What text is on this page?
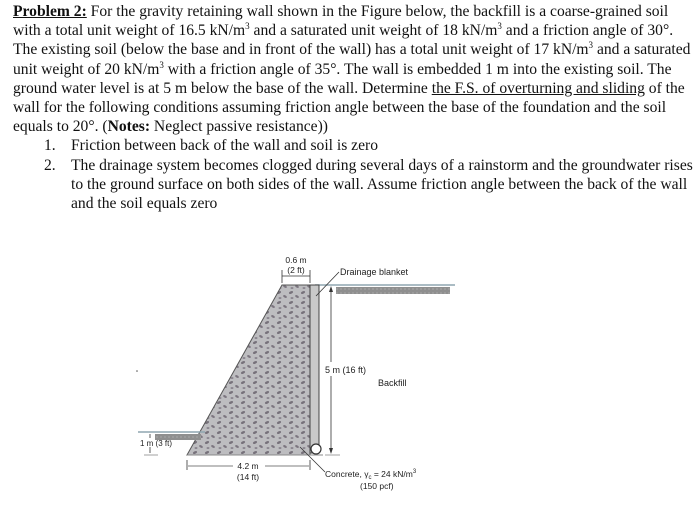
Problem 2: For the gravity retaining wall shown in the Figure below, the backfill is a coarse-grained soil with a total unit weight of 16.5 $kN/m^3$ and a saturated unit weight of 18 $kN/m^3$ and a friction angle of 30°. The existing soil (below the base and in front of the wall) has a total unit weight of 17 $kN/m^3$ and a saturated unit weight of 20 $kN/m^3$ with a friction angle of 35°. The wall is embedded 1 m into the existing soil. The ground water level is at 5 m below the base of the wall. Determine the F.S. of overturning and sliding of the wall for the following conditions assuming friction angle between the base of the foundation and the soil equals to 20°. (Notes: Neglect passive resistance))

1. Friction between back of the wall and soil is zero
2. The drainage system becomes clogged during several days of a rainstorm and the groundwater rises to the ground surface on both sides of the wall. Assume friction angle between the back of the wall and the soil equals zero
0.6 m
(2 ft)	Drainage blanket
5 m (16 ft)
Backfill
1 m (3 ft)
4.2 m
(14 ft)	Concrete, $\gamma_c = 24$ $kN/m^3$
(150 pcf)
